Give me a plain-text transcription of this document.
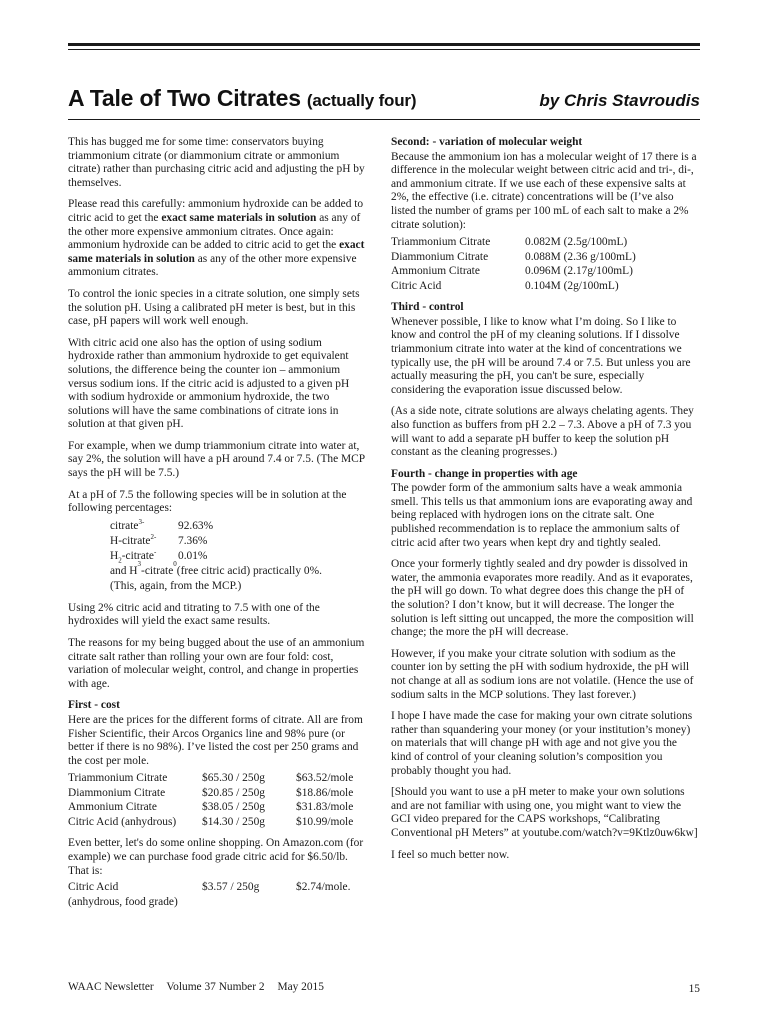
A Tale of Two Citrates (actually four)	by Chris Stavroudis

This has bugged me for some time: conservators buying triammonium citrate (or diammonium citrate or ammonium citrate) rather than purchasing citric acid and adjusting the pH by themselves.

Please read this carefully: ammonium hydroxide can be added to citric acid to get the exact same materials in solution as any of the other more expensive ammonium citrates. Once again: ammonium hydroxide can be added to citric acid to get the exact same materials in solution as any of the other more expensive ammonium citrates.

To control the ionic species in a citrate solution, one simply sets the solution pH. Using a calibrated pH meter is best, but in this case, pH papers will work well enough.

With citric acid one also has the option of using sodium hydroxide rather than ammonium hydroxide to get equivalent solutions, the difference being the counter ion – ammonium versus sodium ions. If the citric acid is adjusted to a given pH with sodium hydroxide or ammonium hydroxide, the two solutions will have the same combinations of citrate ions in solution at that given pH.

For example, when we dump triammonium citrate into water at, say 2%, the solution will have a pH around 7.4 or 7.5. (The MCP says the pH will be 7.5.)

At a pH of 7.5 the following species will be in solution at the following percentages:

citrate$^{3-}$	92.63%
H-citrate$^{2-}$	7.36%
$H_2-citrate^-$	0.01%
and H
3
-citrate
0
(free citric acid) practically 0%.
(This, again, from the MCP.)

Using 2% citric acid and titrating to 7.5 with one of the hydroxides will yield the exact same results.

The reasons for my being bugged about the use of an ammonium citrate salt rather than rolling your own are four fold: cost, variation of molecular weight, control, and change in properties with age.

First - cost

Here are the prices for the different forms of citrate. All are from Fisher Scientific, their Arcos Organics line and 98% pure (or better if there is no 98%). I’ve listed the cost per 250 grams and the cost per mole.

Triammonium Citrate	$65.30 / 250g	$63.52/mole
Diammonium Citrate	$20.85 / 250g	$18.86/mole
Ammonium Citrate	$38.05 / 250g	$31.83/mole
Citric Acid (anhydrous)	$14.30 / 250g	$10.99/mole

Even better, let's do some online shopping. On Amazon.com (for example) we can purchase food grade citric acid for $6.50/lb. That is:

Citric Acid	$3.57 / 250g	$2.74/mole.
(anhydrous, food grade)
Second: - variation of molecular weight

Because the ammonium ion has a molecular weight of 17 there is a difference in the molecular weight between citric acid and tri-, di-, and ammonium citrate. If we use each of these expensive salts at 2%, the effective (i.e. citrate) concentrations will be (I’ve also listed the number of grams per 100 mL of each salt to make a 2% citrate solution):

Triammonium Citrate	0.082M (2.5g/100mL)
Diammonium Citrate	0.088M (2.36 g/100mL)
Ammonium Citrate	0.096M (2.17g/100mL)
Citric Acid	0.104M (2g/100mL)
Third - control

Whenever possible, I like to know what I’m doing. So I like to know and control the pH of my cleaning solutions. If I dissolve triammonium citrate into water at the kind of concentrations we typically use, the pH will be around 7.4 or 7.5. But unless you are actually measuring the pH, you can't be sure, especially considering the evaporation issue discussed below.

(As a side note, citrate solutions are always chelating agents. They also function as buffers from pH 2.2 – 7.3. Above a pH of 7.3 you will want to add a separate pH buffer to keep the solution pH constant as the cleaning progresses.)

Fourth - change in properties with age

The powder form of the ammonium salts have a weak ammonia smell. This tells us that ammonium ions are evaporating away and being replaced with hydrogen ions on the citrate salt. One published recommendation is to replace the ammonium salts of citric acid after two years when kept dry and tightly sealed.

Once your formerly tightly sealed and dry powder is dissolved in water, the ammonia evaporates more readily. And as it evaporates, the pH will go down. To what degree does this change the pH of the solution? I don’t know, but it will decrease. The longer the solution is left sitting out uncapped, the more the composition will change; the more the pH will decrease.

However, if you make your citrate solution with sodium as the counter ion by setting the pH with sodium hydroxide, the pH will not change at all as sodium ions are not volatile. (Hence the use of sodium salts in the MCP solutions. They last forever.)

I hope I have made the case for making your own citrate solutions rather than squandering your money (or your institution’s money) on materials that will change pH with age and not give you the kind of control of your cleaning solution’s composition you probably thought you had.

[Should you want to use a pH meter to make your own solutions and are not familiar with using one, you might want to view the GCI video prepared for the CAPS workshops, “Calibrating Conventional pH Meters” at youtube.com/watch?v=9Ktlz0uw6kw]

I feel so much better now.

WAAC Newsletter Volume 37 Number 2 May 2015	15
